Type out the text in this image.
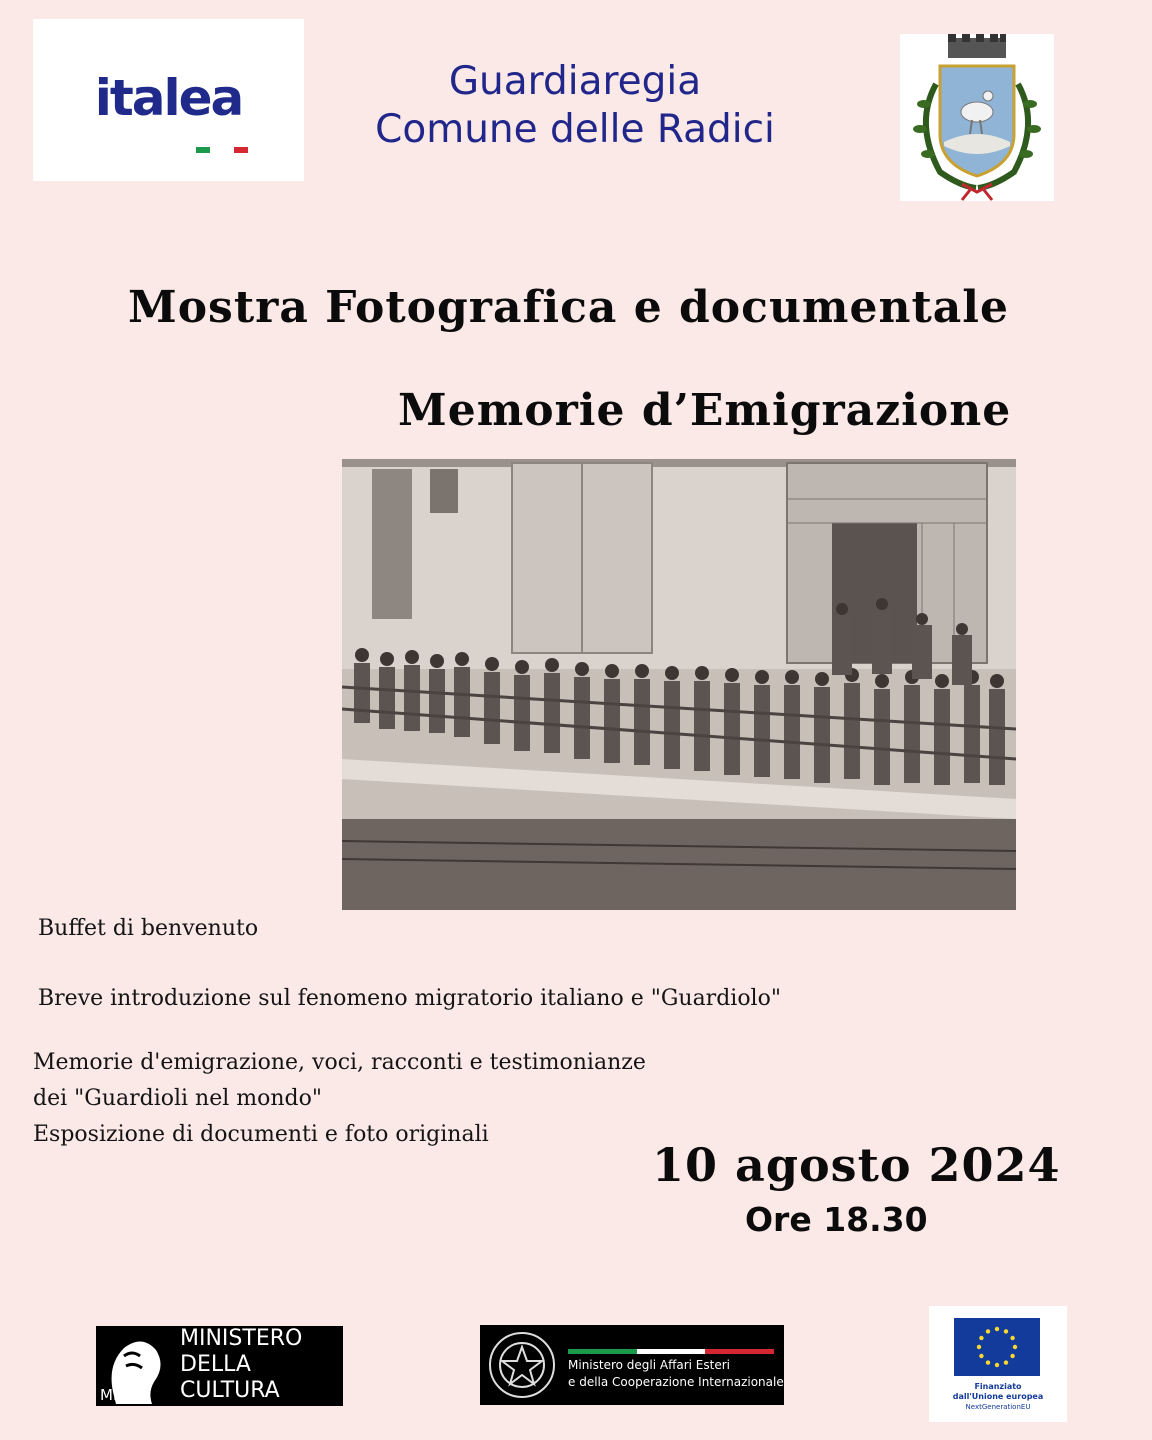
italea	Guardiaregia
Comune delle Radici
Mostra Fotografica e documentale
Memorie d’Emigrazione
Buffet di benvenuto
Breve introduzione sul fenomeno migratorio italiano e "Guardiolo"
Memorie d'emigrazione, voci, racconti e testimonianze
dei "Guardioli nel mondo"
Esposizione di documenti e foto originali
10 agosto 2024
Ore 18.30
MINISTERO
DELLA
CULTURA
MiC
Ministero degli Affari Esteri
e della Cooperazione Internazionale	Finanziato
dall'Unione europea
NextGenerationEU
